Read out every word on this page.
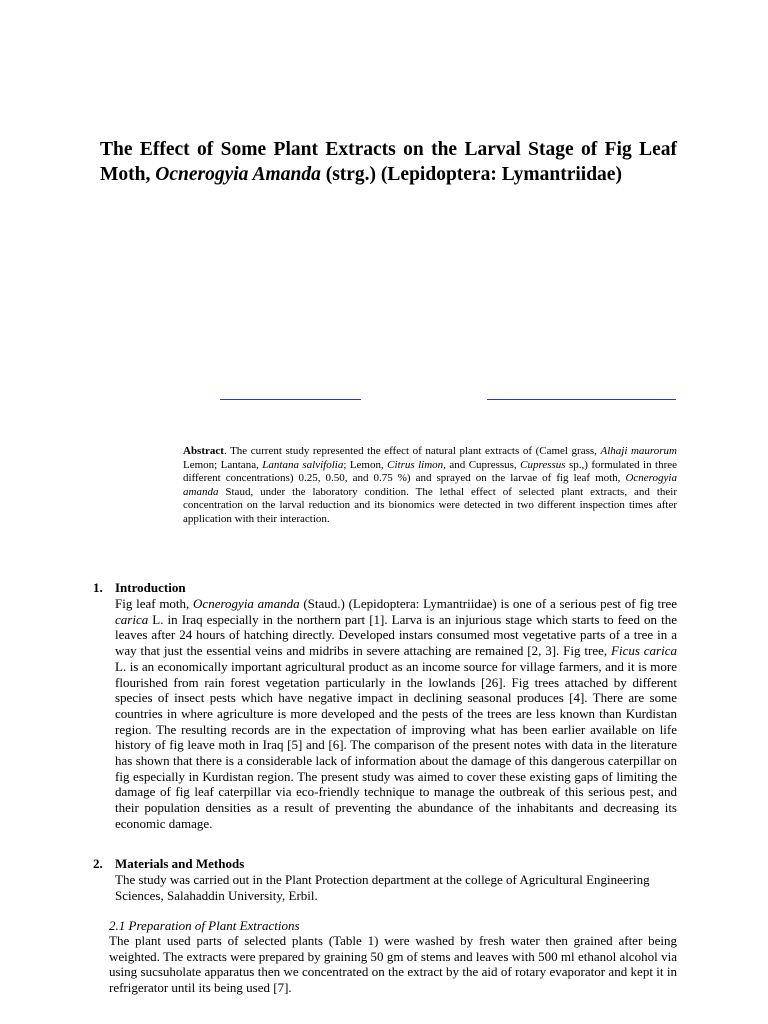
The Effect of Some Plant Extracts on the Larval Stage of Fig Leaf Moth, Ocnerogyia Amanda (strg.) (Lepidoptera: Lymantriidae)
Abstract. The current study represented the effect of natural plant extracts of (Camel grass, Alhaji maurorum Lemon; Lantana, Lantana salvifolia; Lemon, Citrus limon, and Cupressus, Cupressus sp.,) formulated in three different concentrations) 0.25, 0.50, and 0.75 %) and sprayed on the larvae of fig leaf moth, Ocnerogyia amanda Staud, under the laboratory condition. The lethal effect of selected plant extracts, and their concentration on the larval reduction and its bionomics were detected in two different inspection times after application with their interaction.
1. Introduction
Fig leaf moth, Ocnerogyia amanda (Staud.) (Lepidoptera: Lymantriidae) is one of a serious pest of fig tree carica L. in Iraq especially in the northern part [1]. Larva is an injurious stage which starts to feed on the leaves after 24 hours of hatching directly. Developed instars consumed most vegetative parts of a tree in a way that just the essential veins and midribs in severe attaching are remained [2, 3]. Fig tree, Ficus carica L. is an economically important agricultural product as an income source for village farmers, and it is more flourished from rain forest vegetation particularly in the lowlands [26]. Fig trees attached by different species of insect pests which have negative impact in declining seasonal produces [4]. There are some countries in where agriculture is more developed and the pests of the trees are less known than Kurdistan region. The resulting records are in the expectation of improving what has been earlier available on life history of fig leave moth in Iraq [5] and [6]. The comparison of the present notes with data in the literature has shown that there is a considerable lack of information about the damage of this dangerous caterpillar on fig especially in Kurdistan region. The present study was aimed to cover these existing gaps of limiting the damage of fig leaf caterpillar via eco-friendly technique to manage the outbreak of this serious pest, and their population densities as a result of preventing the abundance of the inhabitants and decreasing its economic damage.
2. Materials and Methods
The study was carried out in the Plant Protection department at the college of Agricultural Engineering Sciences, Salahaddin University, Erbil.
2.1 Preparation of Plant Extractions
The plant used parts of selected plants (Table 1) were washed by fresh water then grained after being weighted. The extracts were prepared by graining 50 gm of stems and leaves with 500 ml ethanol alcohol via using sucsuholate apparatus then we concentrated on the extract by the aid of rotary evaporator and kept it in refrigerator until its being used [7].
